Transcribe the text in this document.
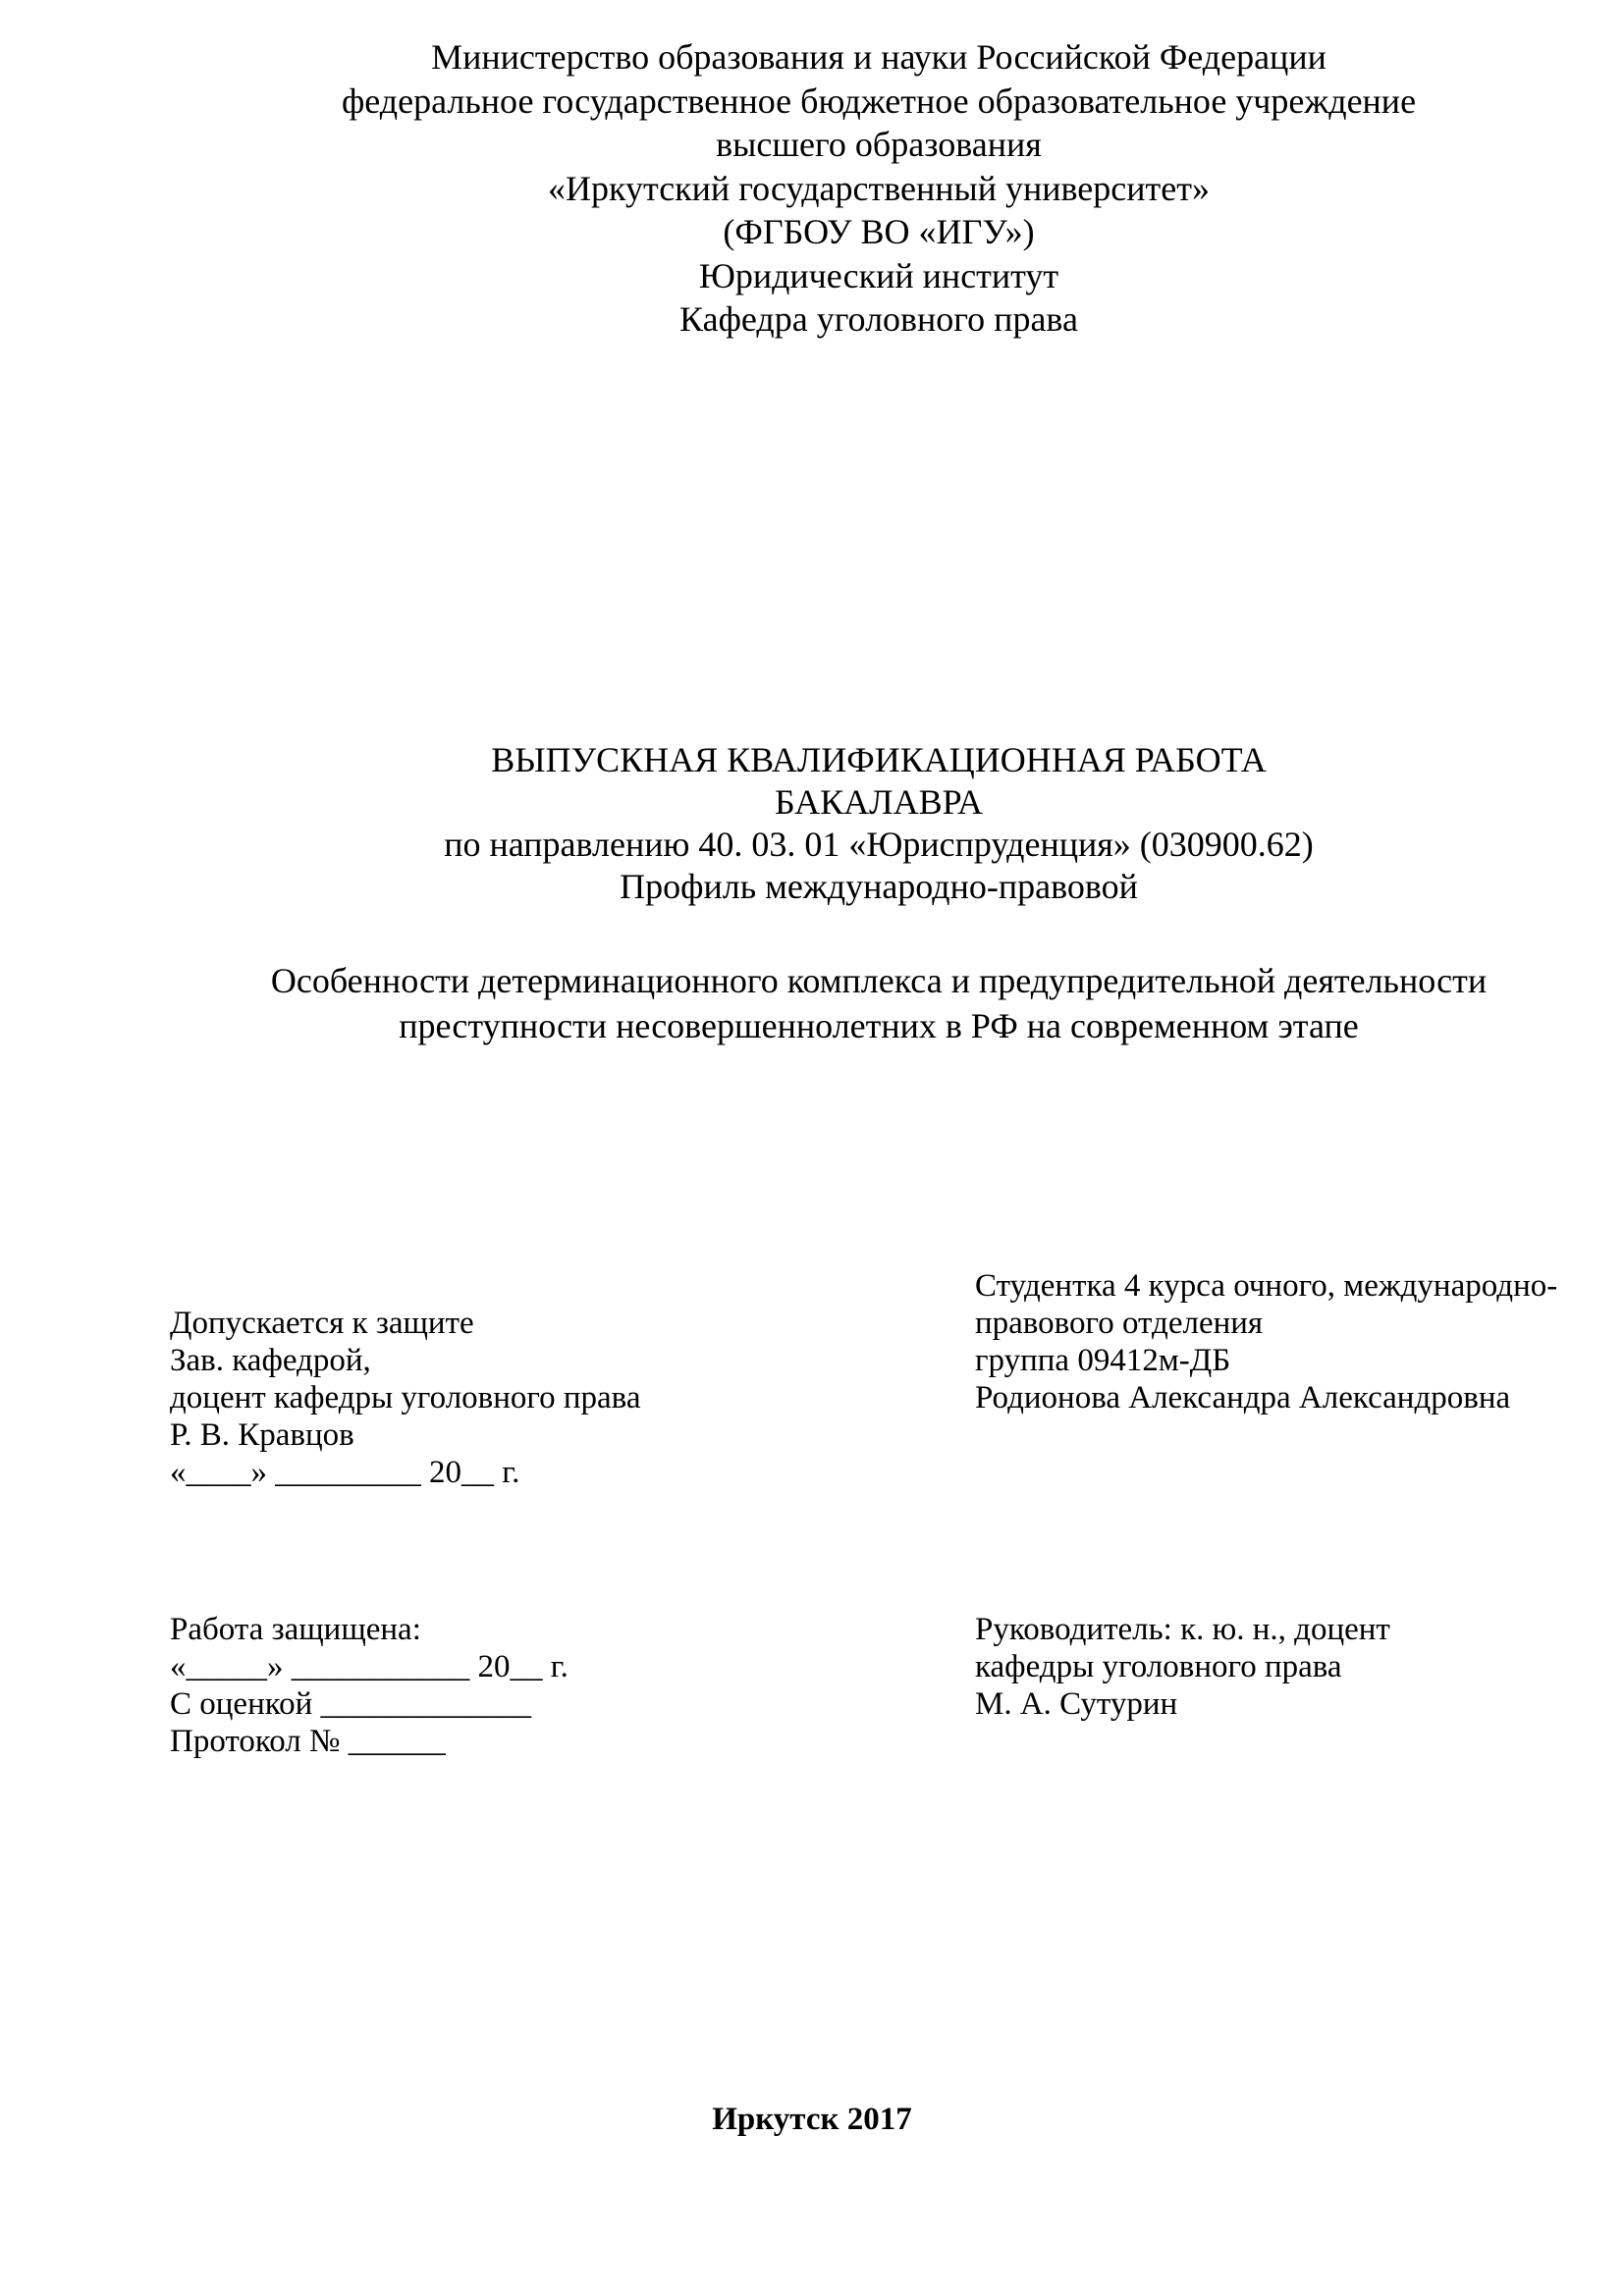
Министерство образования и науки Российской Федерации
федеральное государственное бюджетное образовательное учреждение
высшего образования
«Иркутский государственный университет»
(ФГБОУ ВО «ИГУ»)
Юридический институт
Кафедра уголовного права
ВЫПУСКНАЯ КВАЛИФИКАЦИОННАЯ РАБОТА
БАКАЛАВРА
по направлению 40. 03. 01 «Юриспруденция» (030900.62)
Профиль международно-правовой
Особенности детерминационного комплекса и предупредительной деятельности
преступности несовершеннолетних в РФ на современном этапе
Допускается к защите
Зав. кафедрой,
доцент кафедры уголовного права
Р. В. Кравцов
«____» _________ 20__ г.
Студентка 4 курса очного, международно-
правового отделения
группа 09412м-ДБ
Родионова Александра Александровна
Работа защищена:
«_____» ___________ 20__ г.
С оценкой _____________
Протокол № ______
Руководитель: к. ю. н., доцент
кафедры уголовного права
М. А. Сутурин
Иркутск 2017
